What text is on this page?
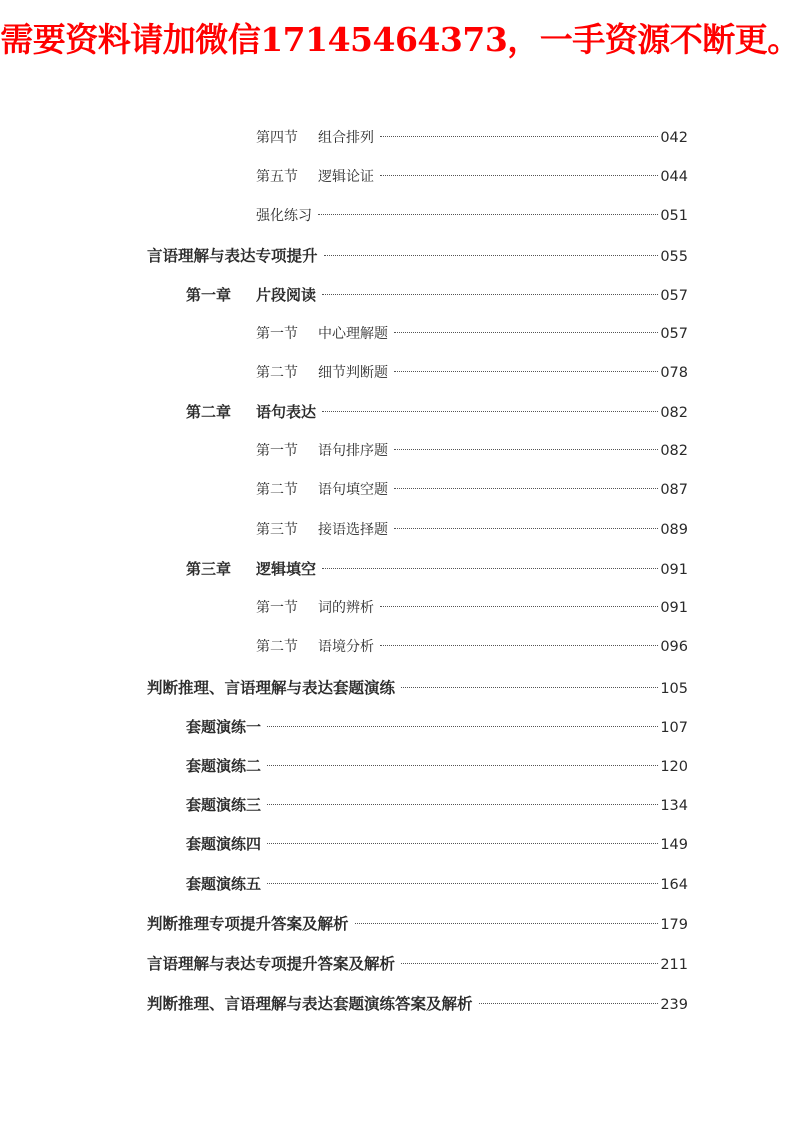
需要资料请加微信17145464373，一手资源不断更。
第四节	组合排列	042
第五节	逻辑论证	044
强化练习	051
言语理解与表达专项提升	055
第一章	片段阅读	057
第一节	中心理解题	057
第二节	细节判断题	078
第二章	语句表达	082
第一节	语句排序题	082
第二节	语句填空题	087
第三节	接语选择题	089
第三章	逻辑填空	091
第一节	词的辨析	091
第二节	语境分析	096
判断推理、言语理解与表达套题演练	105
套题演练一	107
套题演练二	120
套题演练三	134
套题演练四	149
套题演练五	164
判断推理专项提升答案及解析	179
言语理解与表达专项提升答案及解析	211
判断推理、言语理解与表达套题演练答案及解析	239
